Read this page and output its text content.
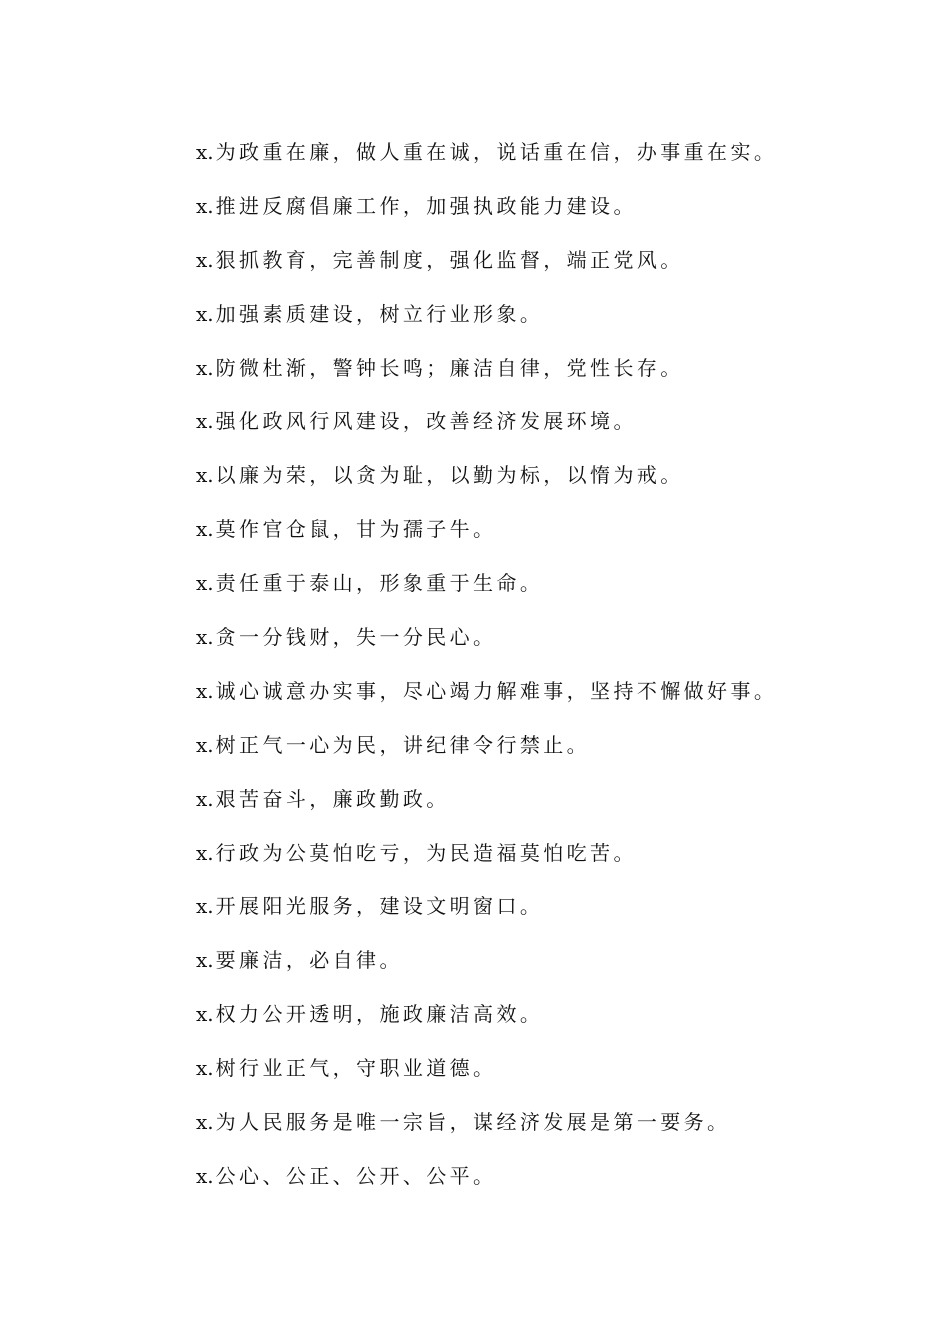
x. 为政重在廉，做人重在诚，说话重在信，办事重在实。
x. 推进反腐倡廉工作，加强执政能力建设。
x. 狠抓教育，完善制度，强化监督，端正党风。
x. 加强素质建设，树立行业形象。
x. 防微杜渐，警钟长鸣；廉洁自律，党性长存。
x. 强化政风行风建设，改善经济发展环境。
x. 以廉为荣，以贪为耻，以勤为标，以惰为戒。
x. 莫作官仓鼠，甘为孺子牛。
x. 责任重于泰山，形象重于生命。
x. 贪一分钱财，失一分民心。
x. 诚心诚意办实事，尽心竭力解难事，坚持不懈做好事。
x. 树正气一心为民，讲纪律令行禁止。
x. 艰苦奋斗，廉政勤政。
x. 行政为公莫怕吃亏，为民造福莫怕吃苦。
x. 开展阳光服务，建设文明窗口。
x. 要廉洁，必自律。
x. 权力公开透明，施政廉洁高效。
x. 树行业正气，守职业道德。
x. 为人民服务是唯一宗旨，谋经济发展是第一要务。
x. 公心、公正、公开、公平。
